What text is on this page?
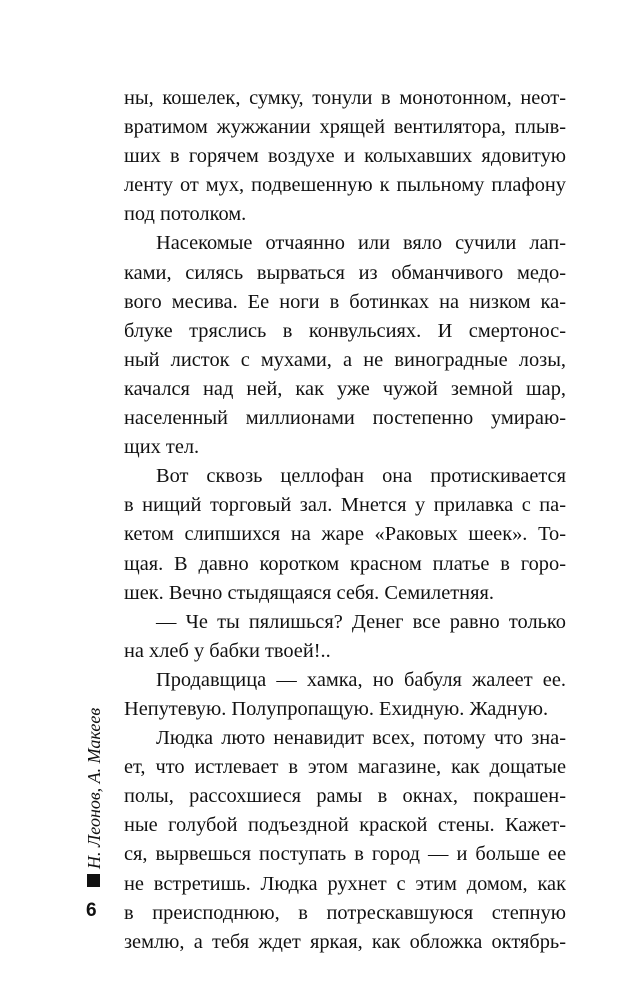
ны, кошелек, сумку, тонули в монотонном, неот-
вратимом жужжании хрящей вентилятора, плыв-
ших в горячем воздухе и колыхавших ядовитую
ленту от мух, подвешенную к пыльному плафону
под потолком.
Насекомые отчаянно или вяло сучили лап-
ками, силясь вырваться из обманчивого медо-
вого месива. Ее ноги в ботинках на низком ка-
блуке тряслись в конвульсиях. И смертонос-
ный листок с мухами, а не виноградные лозы,
качался над ней, как уже чужой земной шар,
населенный миллионами постепенно умираю-
щих тел.
Вот сквозь целлофан она протискивается
в нищий торговый зал. Мнется у прилавка с па-
кетом слипшихся на жаре «Раковых шеек». То-
щая. В давно коротком красном платье в горо-
шек. Вечно стыдящаяся себя. Семилетняя.
— Че ты пялишься? Денег все равно только
на хлеб у бабки твоей!..
Продавщица — хамка, но бабуля жалеет ее.
Непутевую. Полупропащую. Ехидную. Жадную.
Людка люто ненавидит всех, потому что зна-
ет, что истлевает в этом магазине, как дощатые
полы, рассохшиеся рамы в окнах, покрашен-
ные голубой подъездной краской стены. Кажет-
ся, вырвешься поступать в город — и больше ее
не встретишь. Людка рухнет с этим домом, как
в преисподнюю, в потрескавшуюся степную
землю, а тебя ждет яркая, как обложка октябрь-
Н. Леонов, А. Макеев
6
